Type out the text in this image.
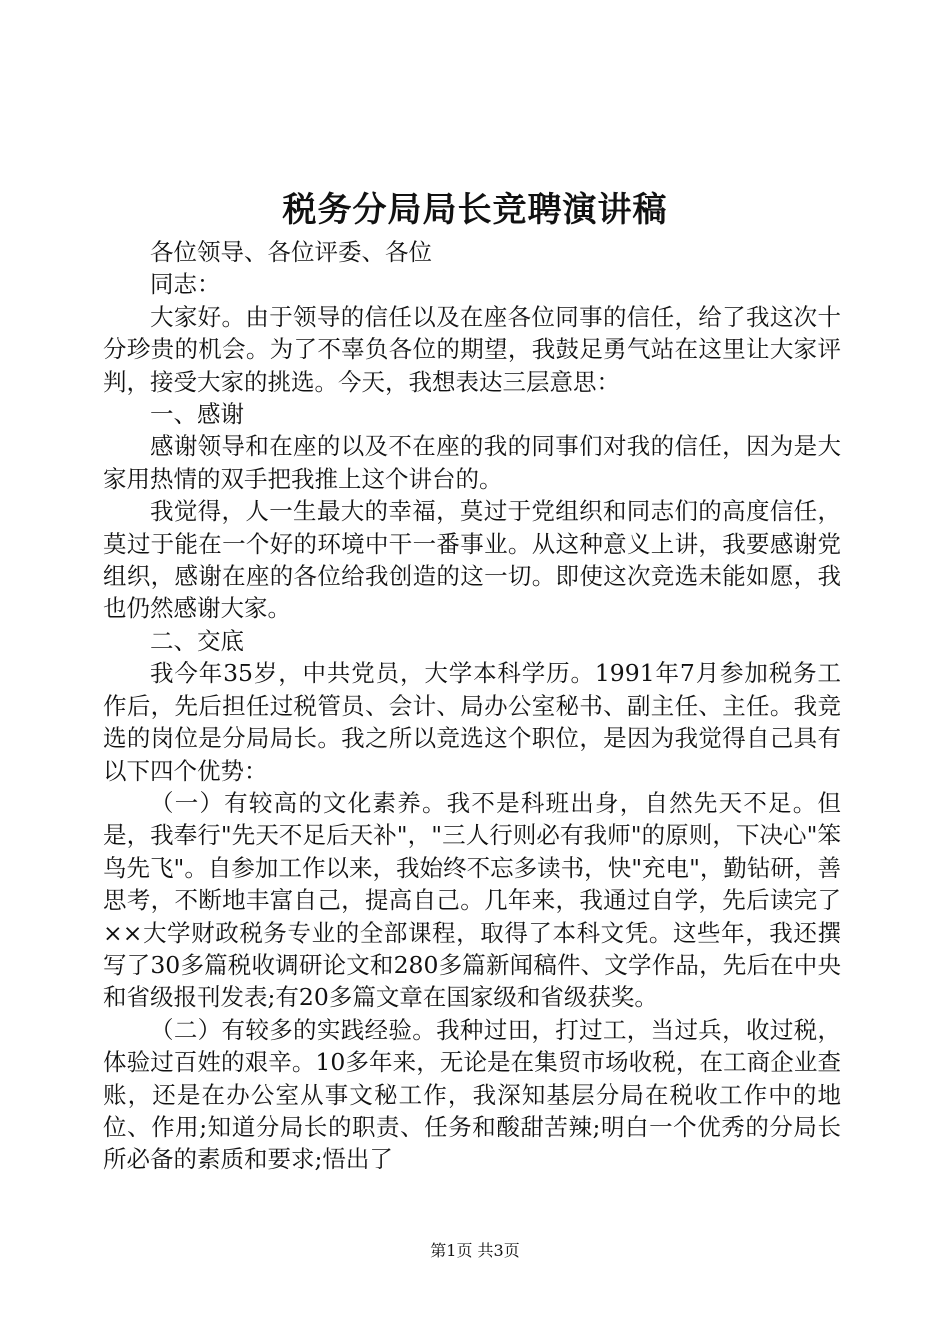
税务分局局长竞聘演讲稿

各位领导、各位评委、各位

同志：

大家好。由于领导的信任以及在座各位同事的信任，给了我这次十分珍贵的机会。为了不辜负各位的期望，我鼓足勇气站在这里让大家评判，接受大家的挑选。今天，我想表达三层意思：

一、感谢

感谢领导和在座的以及不在座的我的同事们对我的信任，因为是大家用热情的双手把我推上这个讲台的。

我觉得，人一生最大的幸福，莫过于党组织和同志们的高度信任，莫过于能在一个好的环境中干一番事业。从这种意义上讲，我要感谢党组织，感谢在座的各位给我创造的这一切。即使这次竞选未能如愿，我也仍然感谢大家。

二、交底

我今年35岁，中共党员，大学本科学历。1991年7月参加税务工作后，先后担任过税管员、会计、局办公室秘书、副主任、主任。我竞选的岗位是分局局长。我之所以竞选这个职位，是因为我觉得自己具有以下四个优势：

（一）有较高的文化素养。我不是科班出身，自然先天不足。但是，我奉行"先天不足后天补"，"三人行则必有我师"的原则，下决心"笨鸟先飞"。自参加工作以来，我始终不忘多读书，快"充电"，勤钻研，善思考，不断地丰富自己，提高自己。几年来，我通过自学，先后读完了××大学财政税务专业的全部课程，取得了本科文凭。这些年，我还撰写了30多篇税收调研论文和280多篇新闻稿件、文学作品，先后在中央和省级报刊发表;有20多篇文章在国家级和省级获奖。

（二）有较多的实践经验。我种过田，打过工，当过兵，收过税，体验过百姓的艰辛。10多年来，无论是在集贸市场收税，在工商企业查账，还是在办公室从事文秘工作，我深知基层分局在税收工作中的地位、作用;知道分局长的职责、任务和酸甜苦辣;明白一个优秀的分局长所必备的素质和要求;悟出了

第1页 共3页
